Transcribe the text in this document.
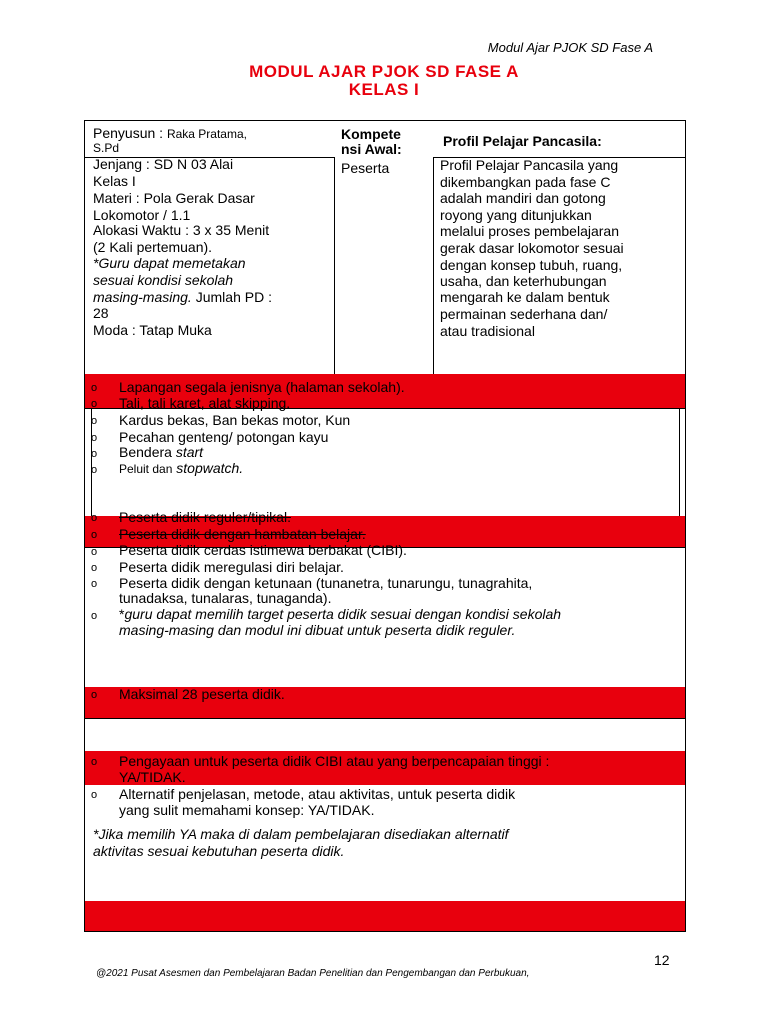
Modul Ajar PJOK SD Fase A
MODUL AJAR PJOK SD FASE A
KELAS I
Penyusun : Raka Pratama,
S.Pd
Jenjang : SD N 03 Alai
Kelas I
Materi : Pola Gerak Dasar
Lokomotor / 1.1
Alokasi Waktu : 3 x 35 Menit
(2 Kali pertemuan).
*Guru dapat memetakan
sesuai kondisi sekolah
masing-masing. Jumlah PD :
28
Moda : Tatap Muka
Kompete
nsi Awal:
Peserta
Profil Pelajar Pancasila:
Profil Pelajar Pancasila yang
dikembangkan pada fase C
adalah mandiri dan gotong
royong yang ditunjukkan
melalui proses pembelajaran
gerak dasar lokomotor sesuai
dengan konsep tubuh, ruang,
usaha, dan keterhubungan
mengarah ke dalam bentuk
permainan sederhana dan/
atau tradisional
o Lapangan segala jenisnya (halaman sekolah).
o Tali, tali karet, alat skipping.
o Kardus bekas, Ban bekas motor, Kun
o Pecahan genteng/ potongan kayu
o Bendera start
o Peluit dan stopwatch.
o Peserta didik reguler/tipikal.
o Peserta didik dengan hambatan belajar.
o Peserta didik cerdas istimewa berbakat (CIBI).
o Peserta didik meregulasi diri belajar.
o Peserta didik dengan ketunaan (tunanetra, tunarungu, tunagrahita,
tunadaksa, tunalaras, tunaganda).
o *guru dapat memilih target peserta didik sesuai dengan kondisi sekolah
masing-masing dan modul ini dibuat untuk peserta didik reguler.
o Maksimal 28 peserta didik.
o Pengayaan untuk peserta didik CIBI atau yang berpencapaian tinggi :
YA/TIDAK.
o Alternatif penjelasan, metode, atau aktivitas, untuk peserta didik
yang sulit memahami konsep: YA/TIDAK.
*Jika memilih YA maka di dalam pembelajaran disediakan alternatif
aktivitas sesuai kebutuhan peserta didik.
12
@2021 Pusat Asesmen dan Pembelajaran Badan Penelitian dan Pengembangan dan Perbukuan,
